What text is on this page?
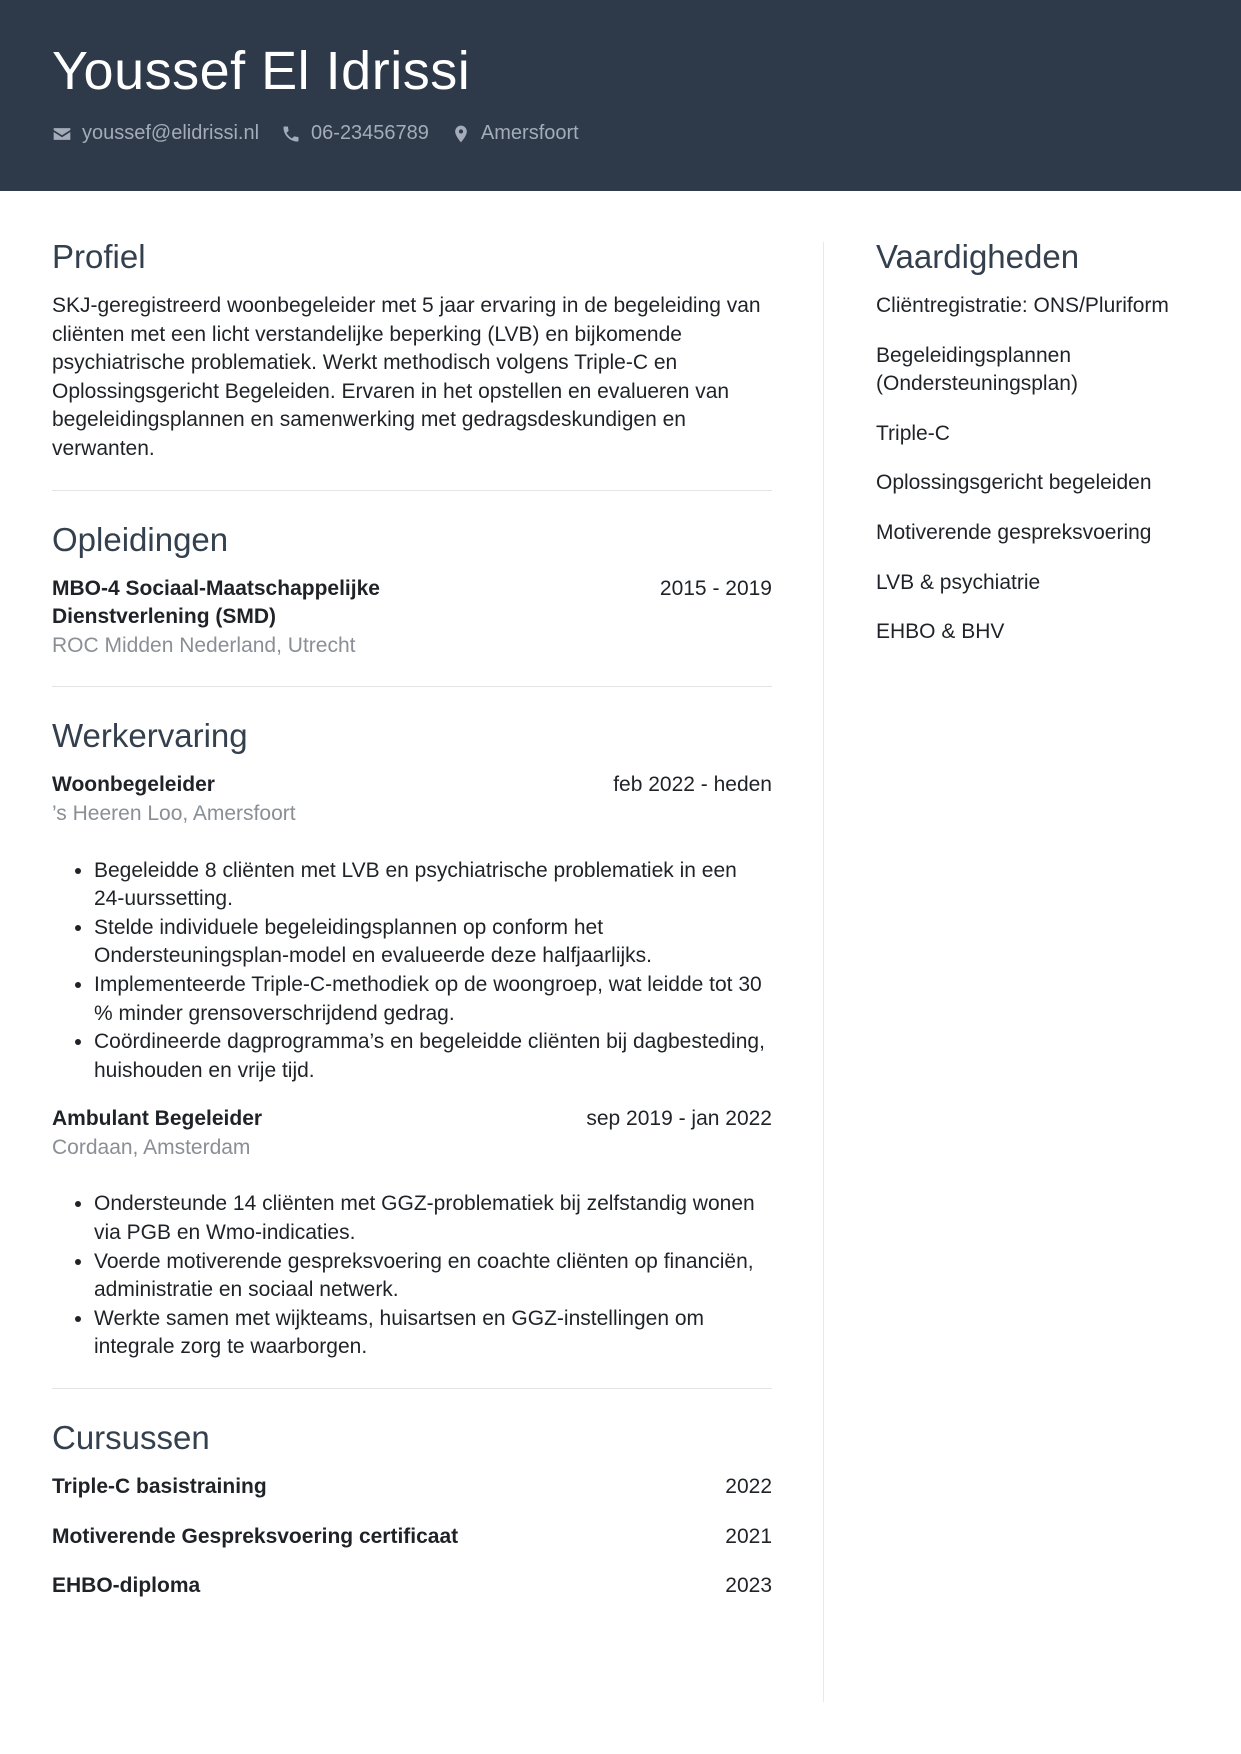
Youssef El Idrissi
youssef@elidrissi.nl	06-23456789	Amersfoort
Profiel

SKJ-geregistreerd woonbegeleider met 5 jaar ervaring in de begeleiding van cliënten met een licht verstandelijke beperking (LVB) en bijkomende psychiatrische problematiek. Werkt methodisch volgens Triple-C en Oplossingsgericht Begeleiden. Ervaren in het opstellen en evalueren van begeleidingsplannen en samenwerking met gedragsdeskundigen en verwanten.

Opleidingen
MBO-4 Sociaal-Maatschappelijke Dienstverlening (SMD)
2015 - 2019
ROC Midden Nederland, Utrecht
Werkervaring
Woonbegeleider	feb 2022 - heden
’s Heeren Loo, Amersfoort
• Begeleidde 8 cliënten met LVB en psychiatrische problematiek in een 24-uurssetting.
• Stelde individuele begeleidingsplannen op conform het Ondersteuningsplan-model en evalueerde deze halfjaarlijks.
• Implementeerde Triple-C-methodiek op de woongroep, wat leidde tot 30 % minder grensoverschrijdend gedrag.
• Coördineerde dagprogramma’s en begeleidde cliënten bij dagbesteding, huishouden en vrije tijd.
Ambulant Begeleider	sep 2019 - jan 2022
Cordaan, Amsterdam
• Ondersteunde 14 cliënten met GGZ-problematiek bij zelfstandig wonen via PGB en Wmo-indicaties.
• Voerde motiverende gespreksvoering en coachte cliënten op financiën, administratie en sociaal netwerk.
• Werkte samen met wijkteams, huisartsen en GGZ-instellingen om integrale zorg te waarborgen.
Cursussen
Triple-C basistraining	2022
Motiverende Gespreksvoering certificaat	2021
EHBO-diploma	2023
Vaardigheden
Cliëntregistratie: ONS/Pluriform
Begeleidingsplannen (Ondersteuningsplan)
Triple-C
Oplossingsgericht begeleiden
Motiverende gespreksvoering
LVB & psychiatrie
EHBO & BHV
